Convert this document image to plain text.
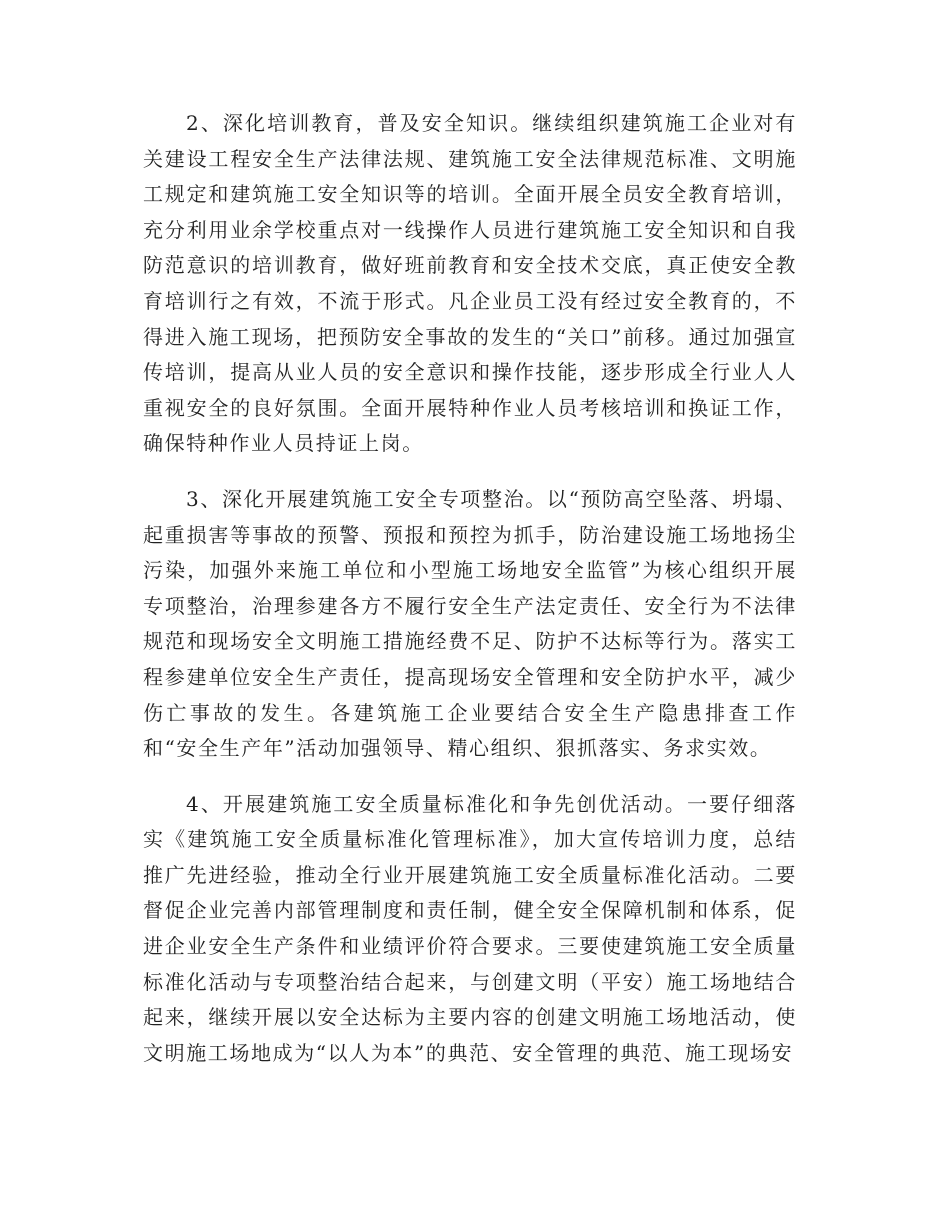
2、深化培训教育，普及安全知识。继续组织建筑施工企业对有关建设工程安全生产法律法规、建筑施工安全法律规范标准、文明施工规定和建筑施工安全知识等的培训。全面开展全员安全教育培训，充分利用业余学校重点对一线操作人员进行建筑施工安全知识和自我防范意识的培训教育，做好班前教育和安全技术交底，真正使安全教育培训行之有效，不流于形式。凡企业员工没有经过安全教育的，不得进入施工现场，把预防安全事故的发生的“关口”前移。通过加强宣传培训，提高从业人员的安全意识和操作技能，逐步形成全行业人人重视安全的良好氛围。全面开展特种作业人员考核培训和换证工作，确保特种作业人员持证上岗。

3、深化开展建筑施工安全专项整治。以“预防高空坠落、坍塌、起重损害等事故的预警、预报和预控为抓手，防治建设施工场地扬尘污染，加强外来施工单位和小型施工场地安全监管”为核心组织开展专项整治，治理参建各方不履行安全生产法定责任、安全行为不法律规范和现场安全文明施工措施经费不足、防护不达标等行为。落实工程参建单位安全生产责任，提高现场安全管理和安全防护水平，减少伤亡事故的发生。各建筑施工企业要结合安全生产隐患排查工作和“安全生产年”活动加强领导、精心组织、狠抓落实、务求实效。

4、开展建筑施工安全质量标准化和争先创优活动。一要仔细落实《建筑施工安全质量标准化管理标准》，加大宣传培训力度，总结推广先进经验，推动全行业开展建筑施工安全质量标准化活动。二要督促企业完善内部管理制度和责任制，健全安全保障机制和体系，促进企业安全生产条件和业绩评价符合要求。三要使建筑施工安全质量标准化活动与专项整治结合起来，与创建文明（平安）施工场地结合起来，继续开展以安全达标为主要内容的创建文明施工场地活动，使文明施工场地成为“以人为本”的典范、安全管理的典范、施工现场安
